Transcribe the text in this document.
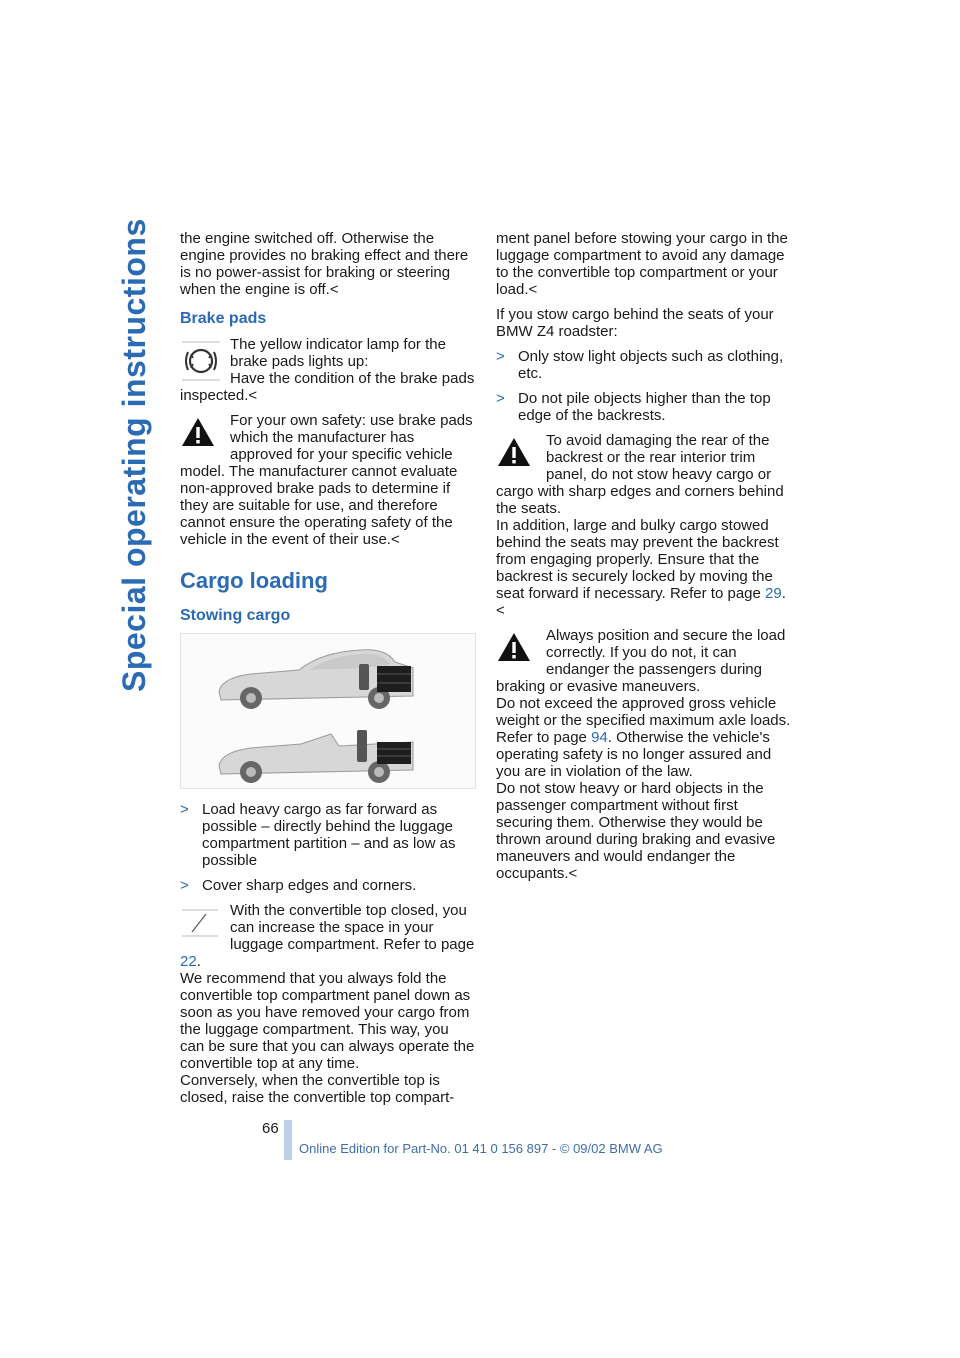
Special operating instructions the engine switched off. Otherwise the engine provides no braking effect and there is no power-assist for braking or steering when the engine is off.<

Brake pads
The yellow indicator lamp for the brake pads lights up:
Have the condition of the brake pads inspected.<
For your own safety: use brake pads which the manufacturer has approved for your specific vehicle model. The manufacturer cannot evaluate non-approved brake pads to determine if they are suitable for use, and therefore cannot ensure the operating safety of the vehicle in the event of their use.<
Cargo loading
Stowing cargo
> Load heavy cargo as far forward as possible – directly behind the luggage compartment partition – and as low as possible
> Cover sharp edges and corners.
With the convertible top closed, you can increase the space in your luggage compartment. Refer to page 22.
We recommend that you always fold the convertible top compartment panel down as soon as you have removed your cargo from the luggage compartment. This way, you can be sure that you can always operate the convertible top at any time.
Conversely, when the convertible top is closed, raise the convertible top compart-

ment panel before stowing your cargo in the luggage compartment to avoid any damage to the convertible top compartment or your load.<

If you stow cargo behind the seats of your BMW Z4 roadster:

> Only stow light objects such as clothing, etc.
> Do not pile objects higher than the top edge of the backrests.
To avoid damaging the rear of the backrest or the rear interior trim panel, do not stow heavy cargo or cargo with sharp edges and corners behind the seats.
In addition, large and bulky cargo stowed behind the seats may prevent the backrest from engaging properly. Ensure that the backrest is securely locked by moving the seat forward if necessary. Refer to page 29.<
Always position and secure the load correctly. If you do not, it can endanger the passengers during braking or evasive maneuvers.
Do not exceed the approved gross vehicle weight or the specified maximum axle loads. Refer to page 94. Otherwise the vehicle's operating safety is no longer assured and you are in violation of the law.
Do not stow heavy or hard objects in the passenger compartment without first securing them. Otherwise they would be thrown around during braking and evasive maneuvers and would endanger the occupants.<
66
Online Edition for Part-No. 01 41 0 156 897 - © 09/02 BMW AG
